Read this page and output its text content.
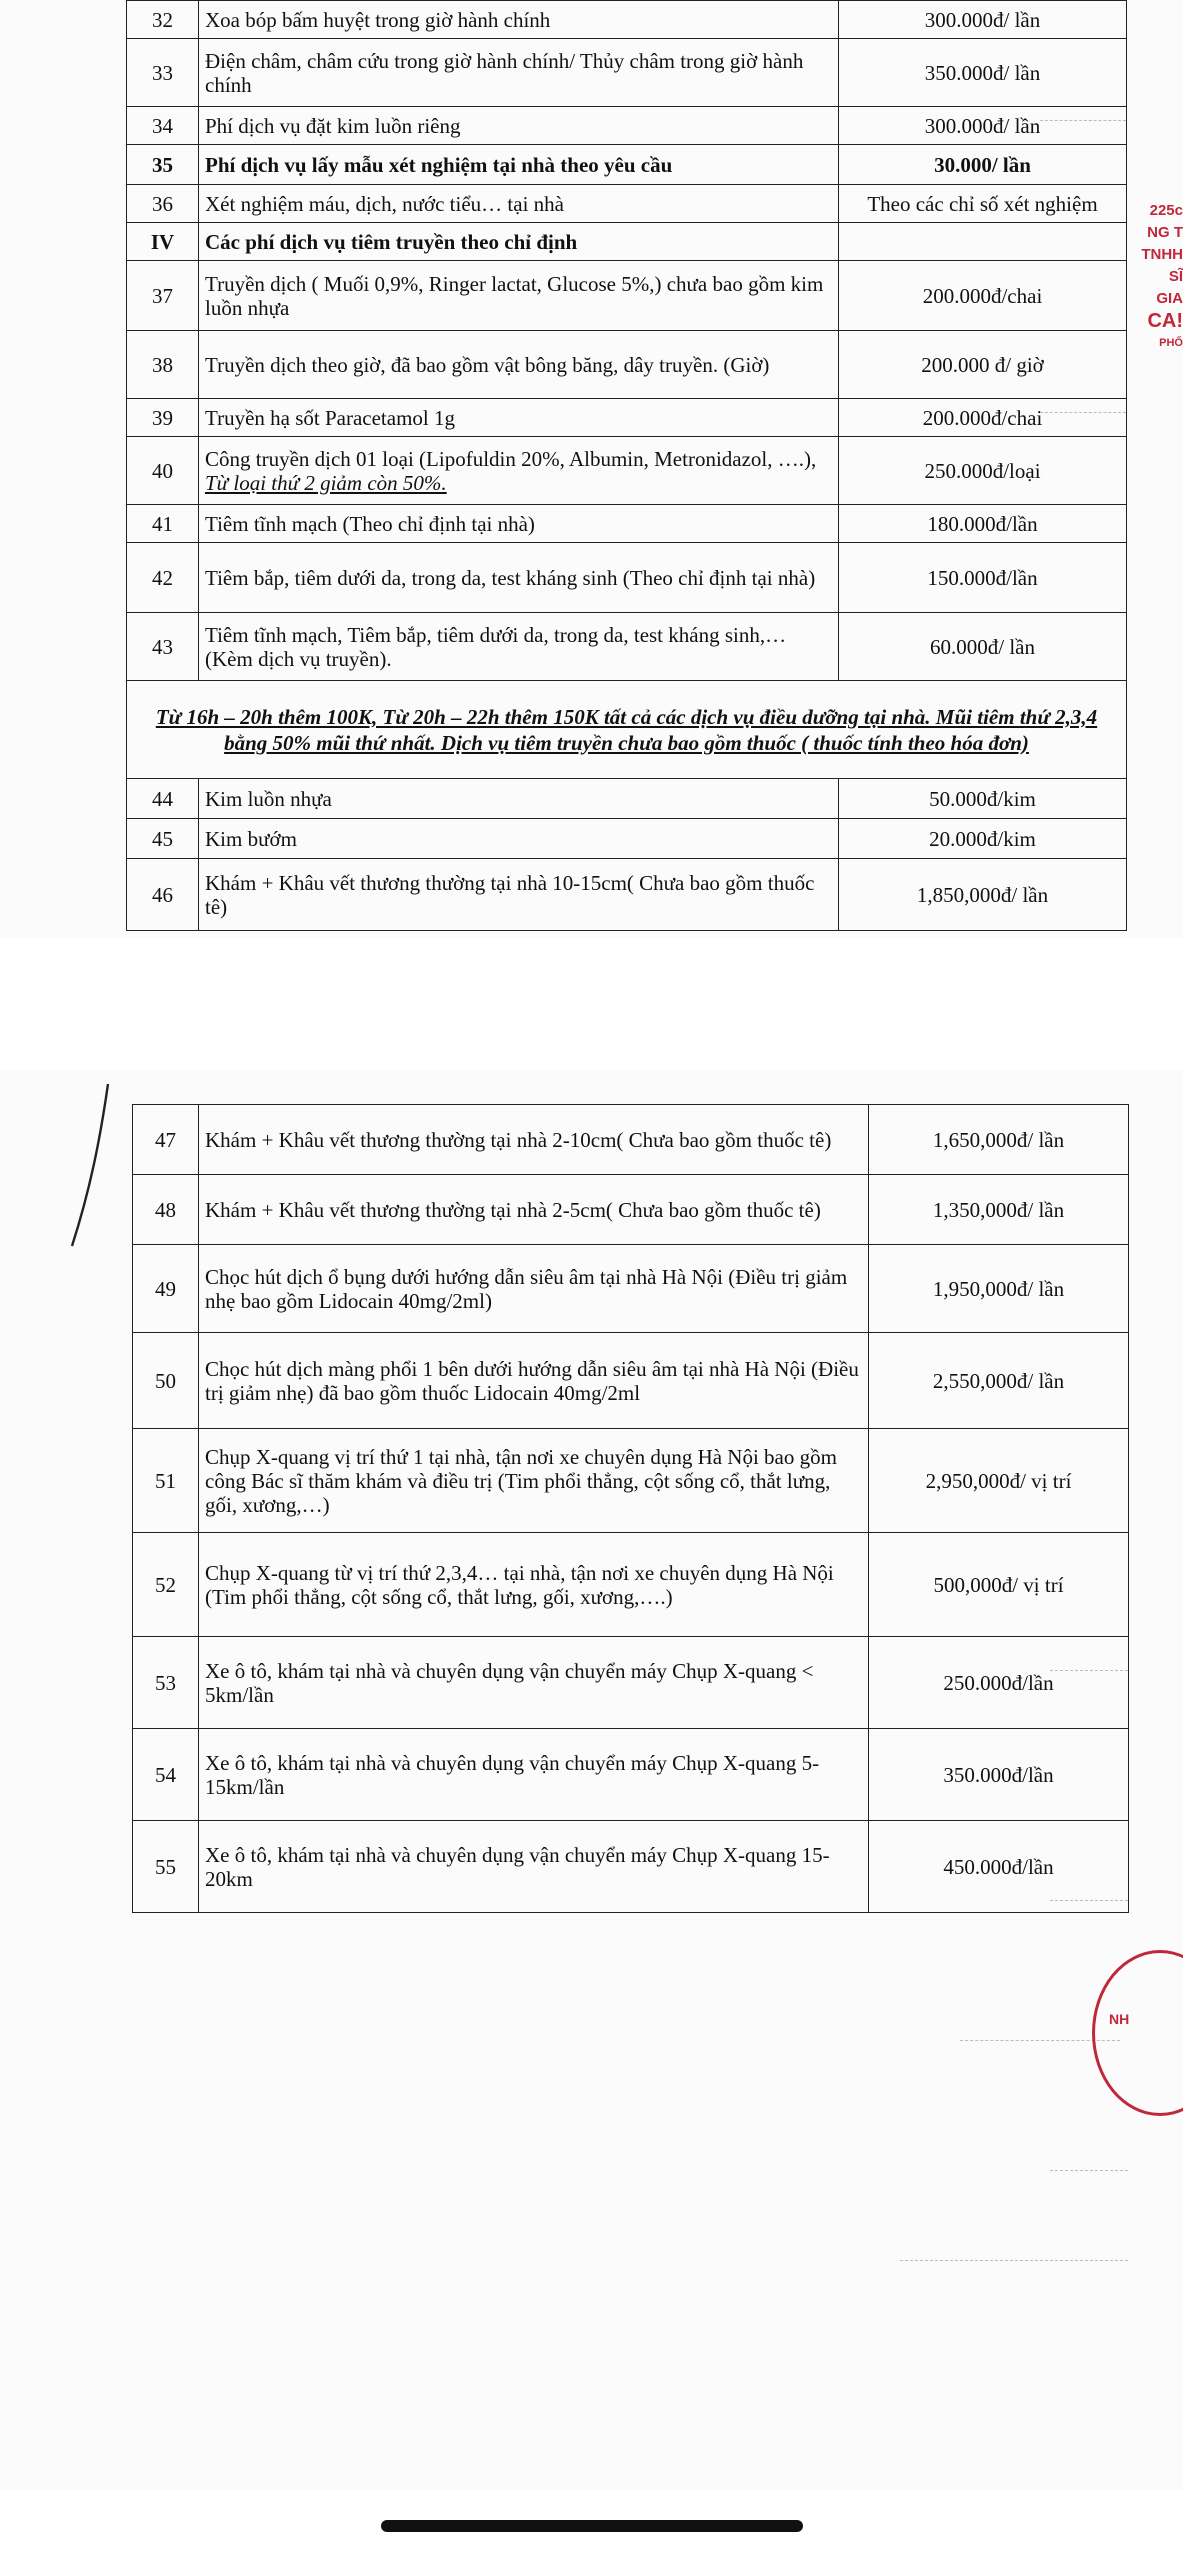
32	Xoa bóp bấm huyệt trong giờ hành chính	300.000đ/ lần
33	Điện châm, châm cứu trong giờ hành chính/ Thủy châm trong giờ hành chính	350.000đ/ lần
34	Phí dịch vụ đặt kim luồn riêng	300.000đ/ lần
35	Phí dịch vụ lấy mẫu xét nghiệm tại nhà theo yêu cầu	30.000/ lần
36	Xét nghiệm máu, dịch, nước tiểu… tại nhà	Theo các chỉ số xét nghiệm
IV	Các phí dịch vụ tiêm truyền theo chỉ định	
37	Truyền dịch ( Muối 0,9%, Ringer lactat, Glucose 5%,) chưa bao gồm kim luồn nhựa	200.000đ/chai
38	Truyền dịch theo giờ, đã bao gồm vật bông băng, dây truyền. (Giờ)	200.000 đ/ giờ
39	Truyền hạ sốt Paracetamol 1g	200.000đ/chai
40	Công truyền dịch 01 loại (Lipofuldin 20%, Albumin, Metronidazol, ….), Từ loại thứ 2 giảm còn 50%.	250.000đ/loại
41	Tiêm tĩnh mạch (Theo chỉ định tại nhà)	180.000đ/lần
42	Tiêm bắp, tiêm dưới da, trong da, test kháng sinh (Theo chỉ định tại nhà)	150.000đ/lần
43	Tiêm tĩnh mạch, Tiêm bắp, tiêm dưới da, trong da, test kháng sinh,… (Kèm dịch vụ truyền).	60.000đ/ lần
Từ 16h – 20h thêm 100K, Từ 20h – 22h thêm 150K tất cả các dịch vụ điều dưỡng tại nhà. Mũi tiêm thứ 2,3,4 bằng 50% mũi thứ nhất. Dịch vụ tiêm truyền chưa bao gồm thuốc ( thuốc tính theo hóa đơn)		
44	Kim luồn nhựa	50.000đ/kim
45	Kim bướm	20.000đ/kim
46	Khám + Khâu vết thương thường tại nhà 10-15cm( Chưa bao gồm thuốc tê)	1,850,000đ/ lần
225c
NG T
TNHH
SĨ GIA
CA!
PHỐ
47	Khám + Khâu vết thương thường tại nhà 2-10cm( Chưa bao gồm thuốc tê)	1,650,000đ/ lần
48	Khám + Khâu vết thương thường tại nhà 2-5cm( Chưa bao gồm thuốc tê)	1,350,000đ/ lần
49	Chọc hút dịch ổ bụng dưới hướng dẫn siêu âm tại nhà Hà Nội (Điều trị giảm nhẹ bao gồm Lidocain 40mg/2ml)	1,950,000đ/ lần
50	Chọc hút dịch màng phổi 1 bên dưới hướng dẫn siêu âm tại nhà Hà Nội (Điều trị giảm nhẹ) đã bao gồm thuốc Lidocain 40mg/2ml	2,550,000đ/ lần
51	Chụp X-quang vị trí thứ 1 tại nhà, tận nơi xe chuyên dụng Hà Nội bao gồm công Bác sĩ thăm khám và điều trị (Tim phổi thẳng, cột sống cổ, thắt lưng, gối, xương,…)	2,950,000đ/ vị trí
52	Chụp X-quang từ vị trí thứ 2,3,4… tại nhà, tận nơi xe chuyên dụng Hà Nội (Tim phổi thẳng, cột sống cổ, thắt lưng, gối, xương,….)	500,000đ/ vị trí
53	Xe ô tô, khám tại nhà và chuyên dụng vận chuyển máy Chụp X-quang < 5km/lần	250.000đ/lần
54	Xe ô tô, khám tại nhà và chuyên dụng vận chuyển máy Chụp X-quang 5-15km/lần	350.000đ/lần
55	Xe ô tô, khám tại nhà và chuyên dụng vận chuyển máy Chụp X-quang 15-20km	450.000đ/lần
NH
